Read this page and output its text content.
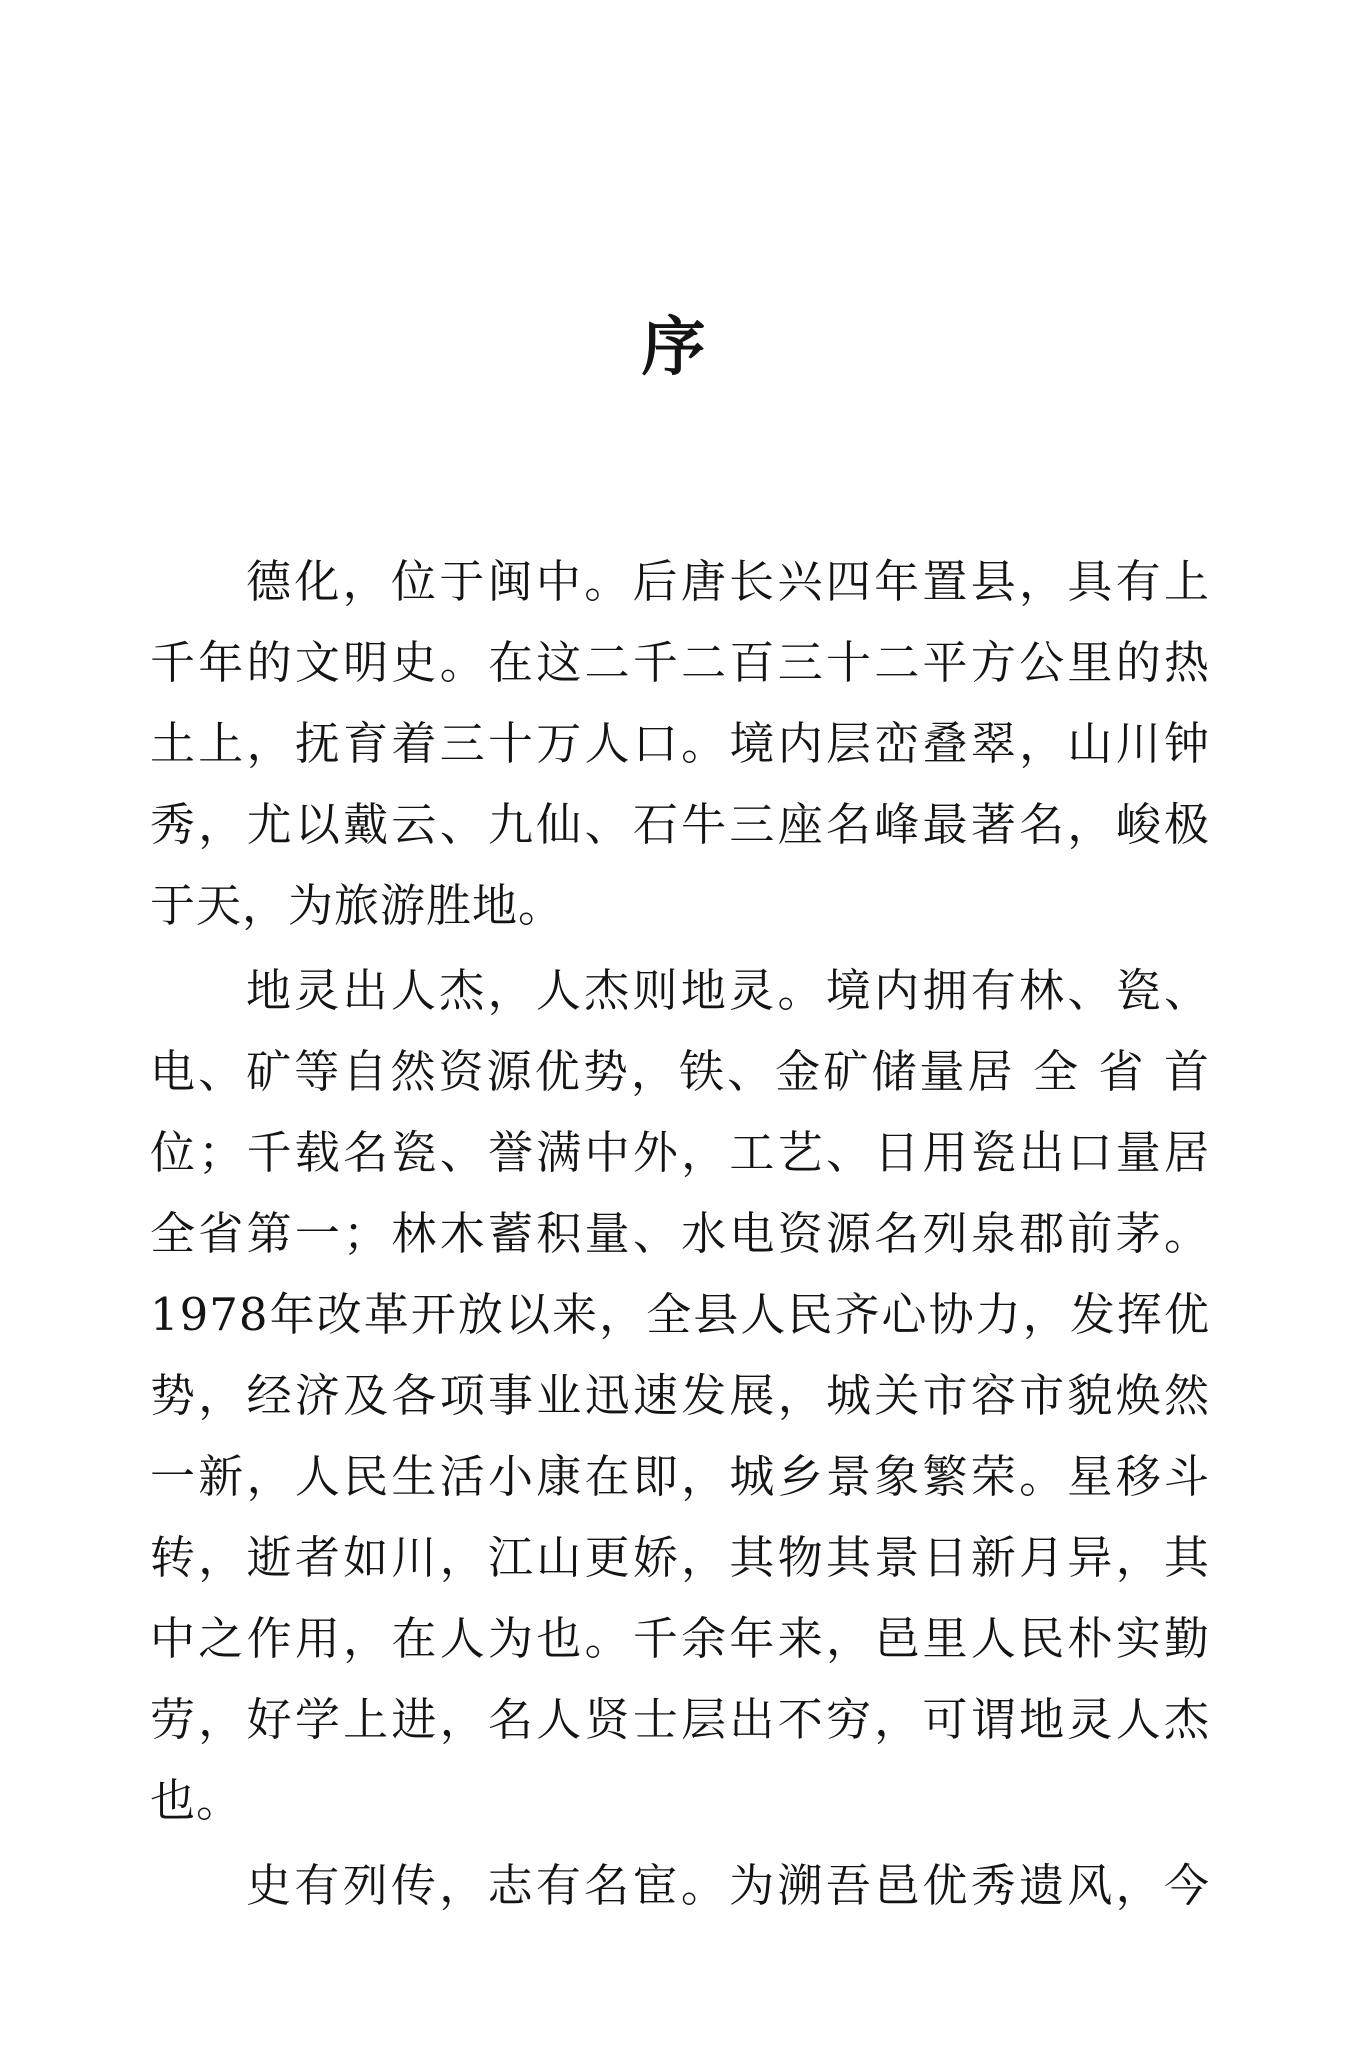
序
德化，位于闽中。后唐长兴四年置县，具有上
千年的文明史。在这二千二百三十二平方公里的热
土上，抚育着三十万人口。境内层峦叠翠，山川钟
秀，尤以戴云、九仙、石牛三座名峰最著名，峻极
于天，为旅游胜地。
地灵出人杰，人杰则地灵。境内拥有林、瓷、
电、矿等自然资源优势，铁、金矿储量居 全 省 首
位；千载名瓷、誉满中外，工艺、日用瓷出口量居
全省第一；林木蓄积量、水电资源名列泉郡前茅。
1978年改革开放以来，全县人民齐心协力，发挥优
势，经济及各项事业迅速发展，城关市容市貌焕然
一新，人民生活小康在即，城乡景象繁荣。星移斗
转，逝者如川，江山更娇，其物其景日新月异，其
中之作用，在人为也。千余年来，邑里人民朴实勤
劳，好学上进，名人贤士层出不穷，可谓地灵人杰
也。
史有列传，志有名宦。为溯吾邑优秀遗风，今
